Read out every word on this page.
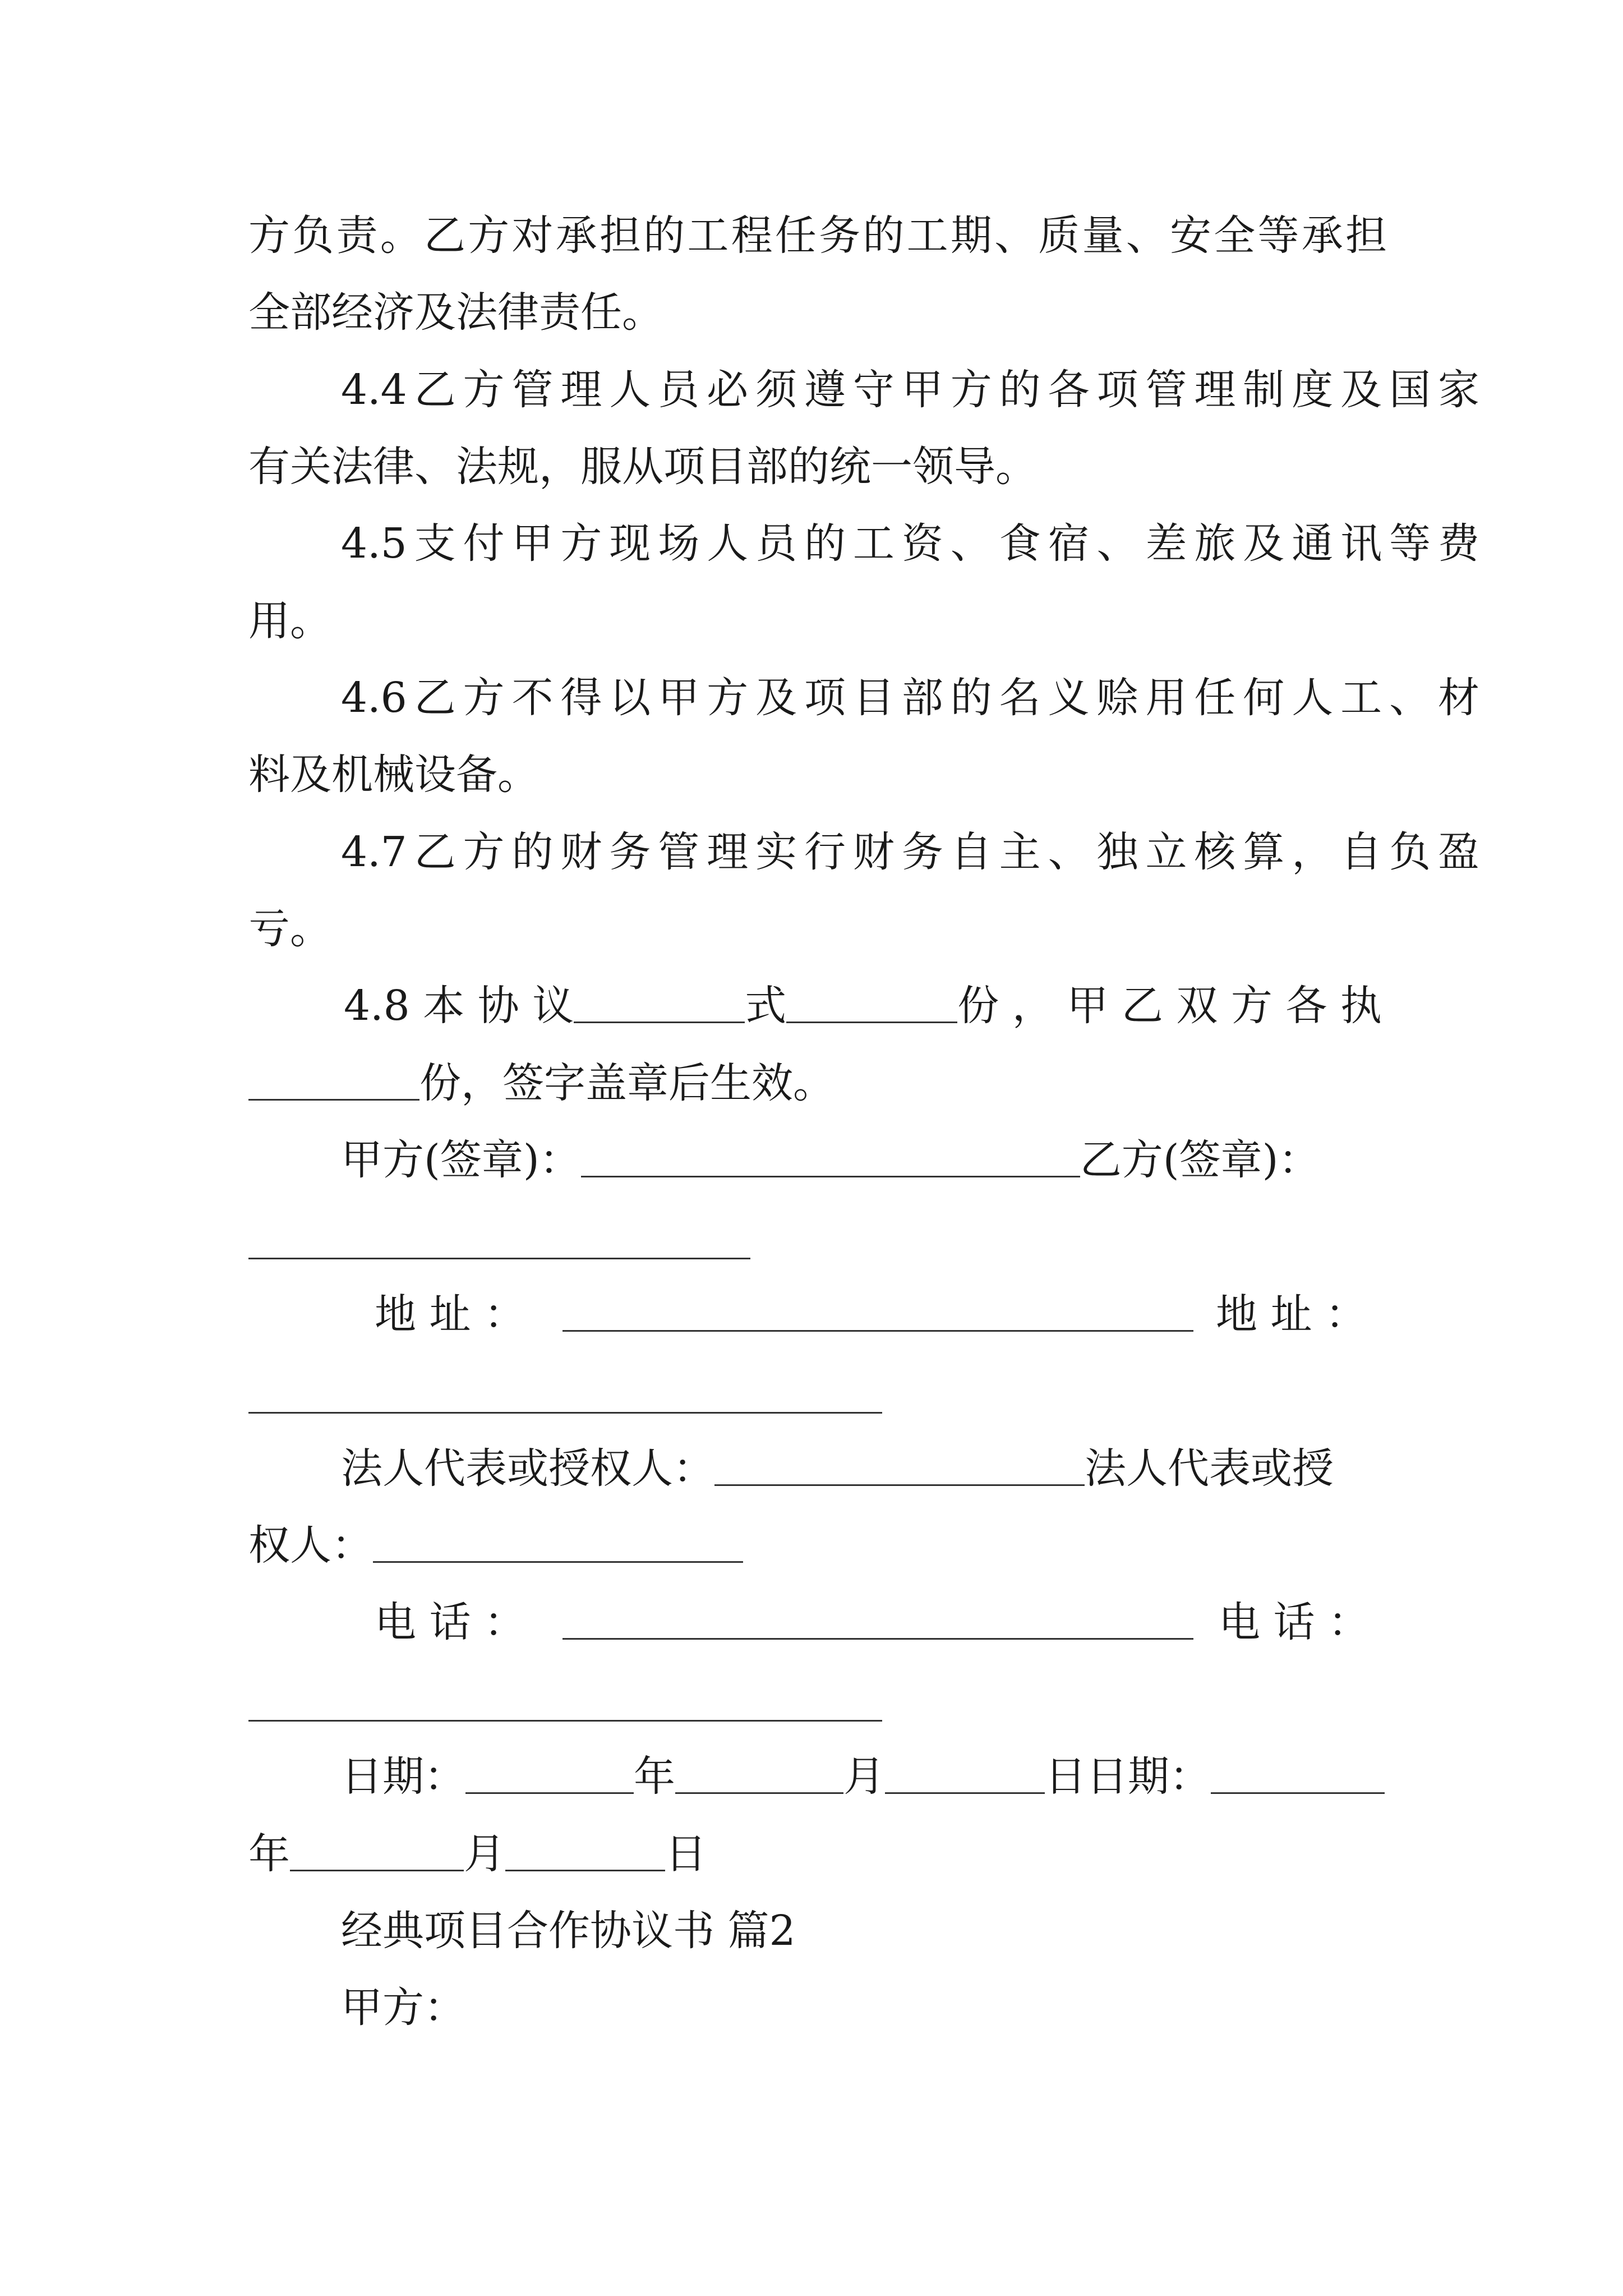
方负责。乙方对承担的工程任务的工期、质量、安全等承担
全部经济及法律责任。
4.4乙方管理人员必须遵守甲方的各项管理制度及国家
有关法律、法规，服从项目部的统一领导。
4.5支付甲方现场人员的工资、食宿、差旅及通讯等费
用。
4.6乙方不得以甲方及项目部的名义赊用任何人工、材
料及机械设备。
4.7乙方的财务管理实行财务自主、独立核算，自负盈
亏。
4.8 本 协 议	式	份 ， 甲 乙 双 方 各 执
份，签字盖章后生效。
甲方(签章)：	乙方(签章)：
地 址 ：	地 址 ：
法人代表或授权人：	法人代表或授
权人：
电 话 ：	电 话 ：
日期：	年	月	日日期：
年	月	日
经典项目合作协议书 篇2
甲方：
